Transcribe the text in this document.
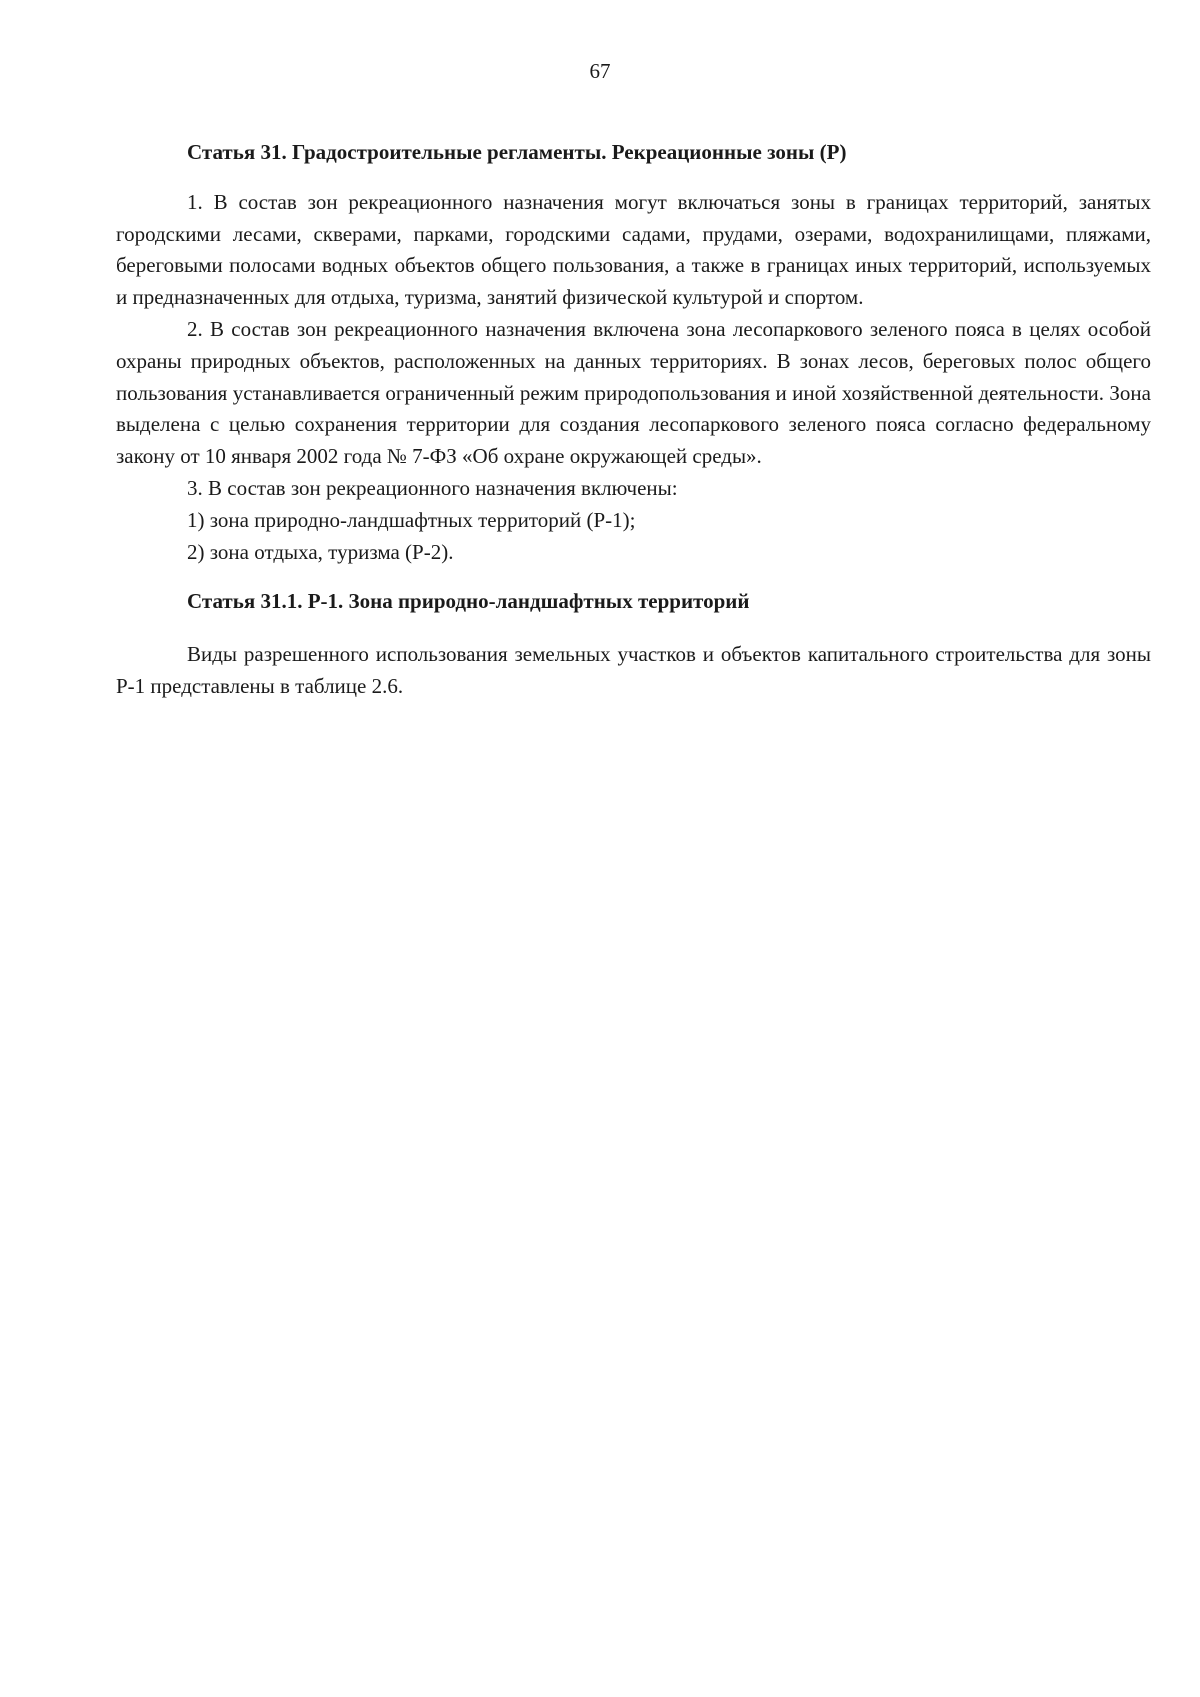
67
Статья 31. Градостроительные регламенты. Рекреационные зоны (Р)

1. В состав зон рекреационного назначения могут включаться зоны в границах территорий, занятых городскими лесами, скверами, парками, городскими садами, прудами, озерами, водохранилищами, пляжами, береговыми полосами водных объектов общего пользования, а также в границах иных территорий, используемых и предназначенных для отдыха, туризма, занятий физической культурой и спортом.

2. В состав зон рекреационного назначения включена зона лесопаркового зеленого пояса в целях особой охраны природных объектов, расположенных на данных территориях. В зонах лесов, береговых полос общего пользования устанавливается ограниченный режим природопользования и иной хозяйственной деятельности. Зона выделена с целью сохранения территории для создания лесопаркового зеленого пояса согласно федеральному закону от 10 января 2002 года № 7-ФЗ «Об охране окружающей среды».

3. В состав зон рекреационного назначения включены:

1) зона природно-ландшафтных территорий (Р-1);

2) зона отдыха, туризма (Р-2).

Статья 31.1. Р-1. Зона природно-ландшафтных территорий

Виды разрешенного использования земельных участков и объектов капитального строительства для зоны Р-1 представлены в таблице 2.6.
